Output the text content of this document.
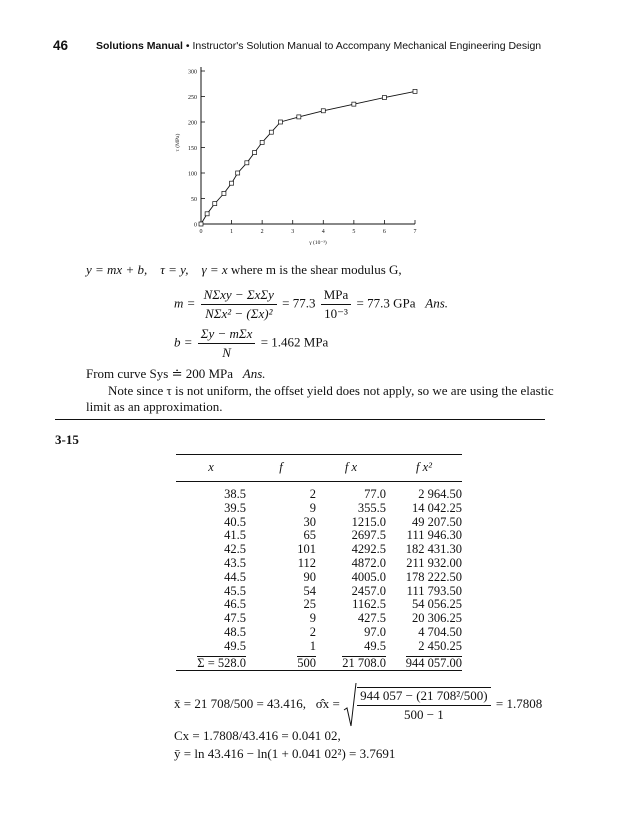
46	Solutions Manual • Instructor's Solution Manual to Accompany Mechanical Engineering Design
0
50
100
150
200
250
300
0	1	2	3	4	5	6	7
γ (10⁻³)
τ (MPa)
y = mx + b, τ = y, γ = x where m is the shear modulus G,
$m = \frac{\text{NΣxy − ΣxΣy}}{\text{NΣx² − (Σx)²}} = 77.3 \frac{\text{MPa}}{\text{10⁻³}} = 77.3$ GPa Ans.
$b = \frac{\text{Σy − mΣx}}{N} = 1.462$ MPa
From curve Sys ≐ 200 MPa Ans.
Note since τ is not uniform, the offset yield does not apply, so we are using the elastic
limit as an approximation.
3-15
x	f	f x	f x²
38.5	2	77.0	2 964.50
39.5	9	355.5	14 042.25
40.5	30	1215.0	49 207.50
41.5	65	2697.5	111 946.30
42.5	101	4292.5	182 431.30
43.5	112	4872.0	211 932.00
44.5	90	4005.0	178 222.50
45.5	54	2457.0	111 793.50
46.5	25	1162.5	54 056.25
47.5	9	427.5	20 306.25
48.5	2	97.0	4 704.50
49.5	1	49.5	2 450.25
Σ = 528.0	500	21 708.0	944 057.00

x̄ = 21 708/500 = 43.416, σ̂x = $\frac{\text{944 057 − (21 708²/500)}}{500 - 1} = 1.7808$
Cx = 1.7808/43.416 = 0.041 02,
ȳ = ln 43.416 − ln(1 + 0.041 02²) = 3.7691
